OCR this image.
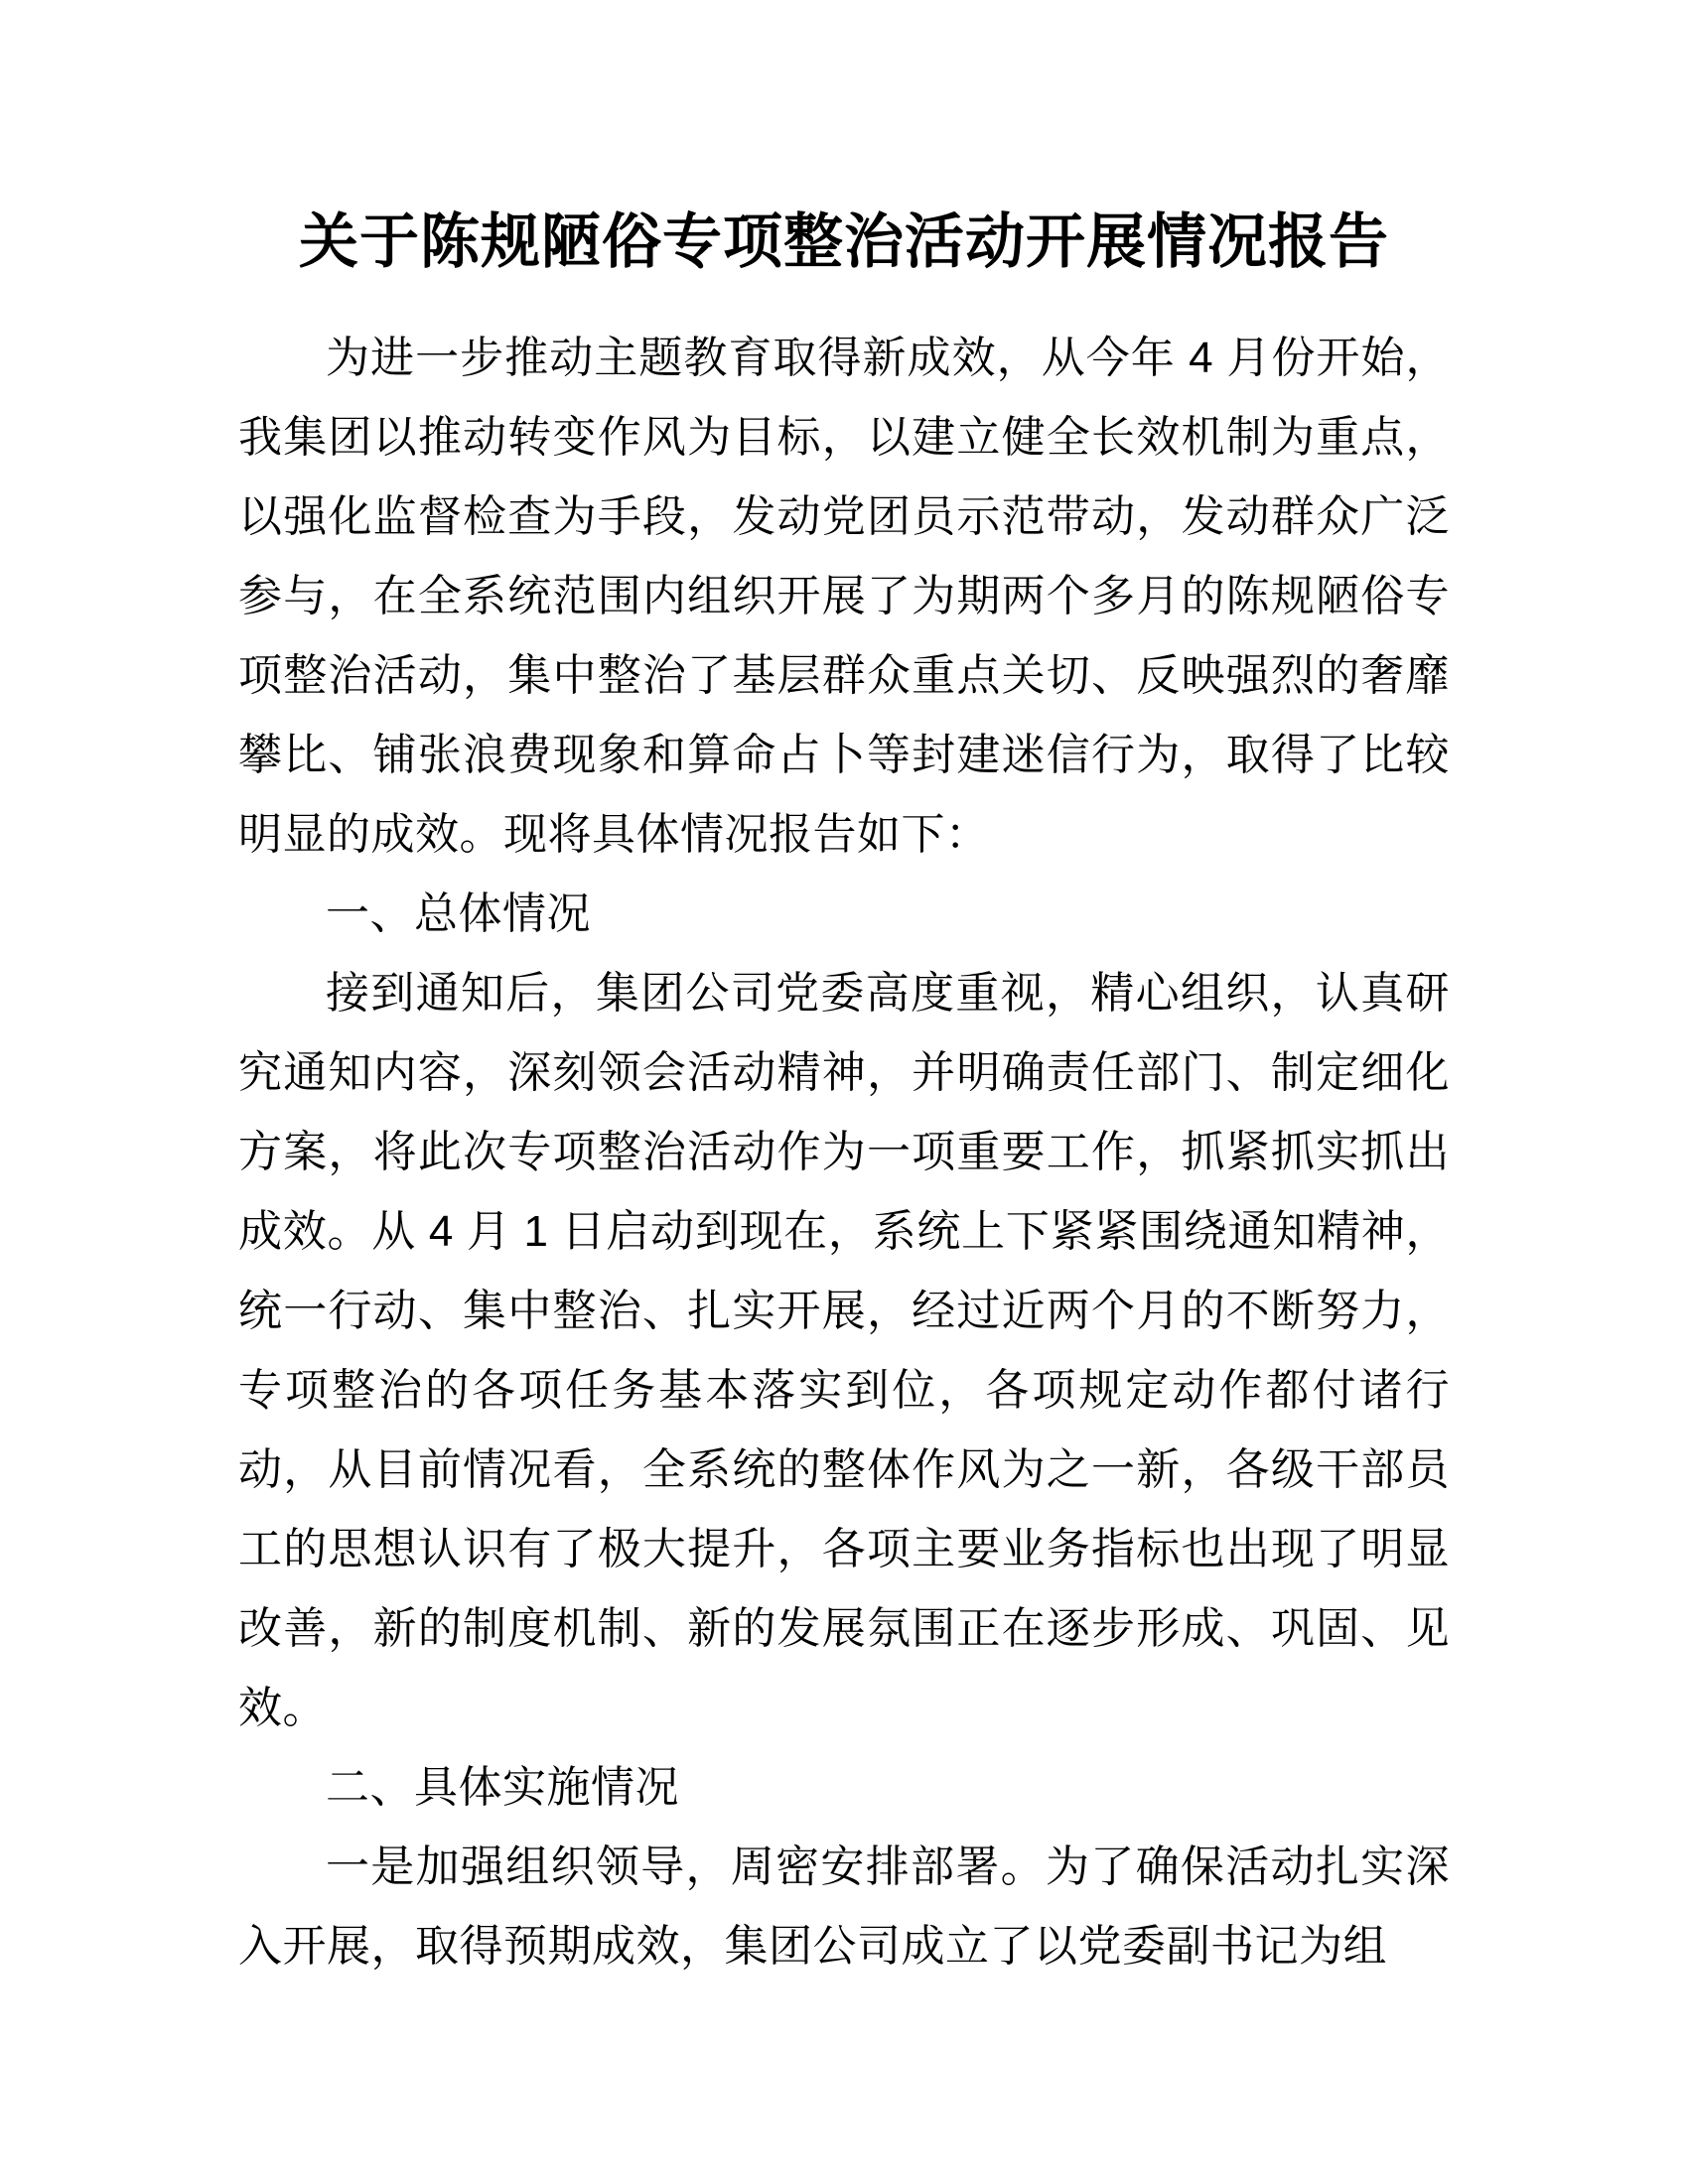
关于陈规陋俗专项整治活动开展情况报告

为进一步推动主题教育取得新成效，从今年 4 月份开始，我集团以推动转变作风为目标，以建立健全长效机制为重点，以强化监督检查为手段，发动党团员示范带动，发动群众广泛参与，在全系统范围内组织开展了为期两个多月的陈规陋俗专项整治活动，集中整治了基层群众重点关切、反映强烈的奢靡攀比、铺张浪费现象和算命占卜等封建迷信行为，取得了比较明显的成效。现将具体情况报告如下：

一、总体情况

接到通知后，集团公司党委高度重视，精心组织，认真研究通知内容，深刻领会活动精神，并明确责任部门、制定细化方案，将此次专项整治活动作为一项重要工作，抓紧抓实抓出成效。从 4 月 1 日启动到现在，系统上下紧紧围绕通知精神，统一行动、集中整治、扎实开展，经过近两个月的不断努力，专项整治的各项任务基本落实到位，各项规定动作都付诸行动，从目前情况看，全系统的整体作风为之一新，各级干部员工的思想认识有了极大提升，各项主要业务指标也出现了明显改善，新的制度机制、新的发展氛围正在逐步形成、巩固、见效。

二、具体实施情况

一是加强组织领导，周密安排部署。为了确保活动扎实深入开展，取得预期成效，集团公司成立了以党委副书记为组
